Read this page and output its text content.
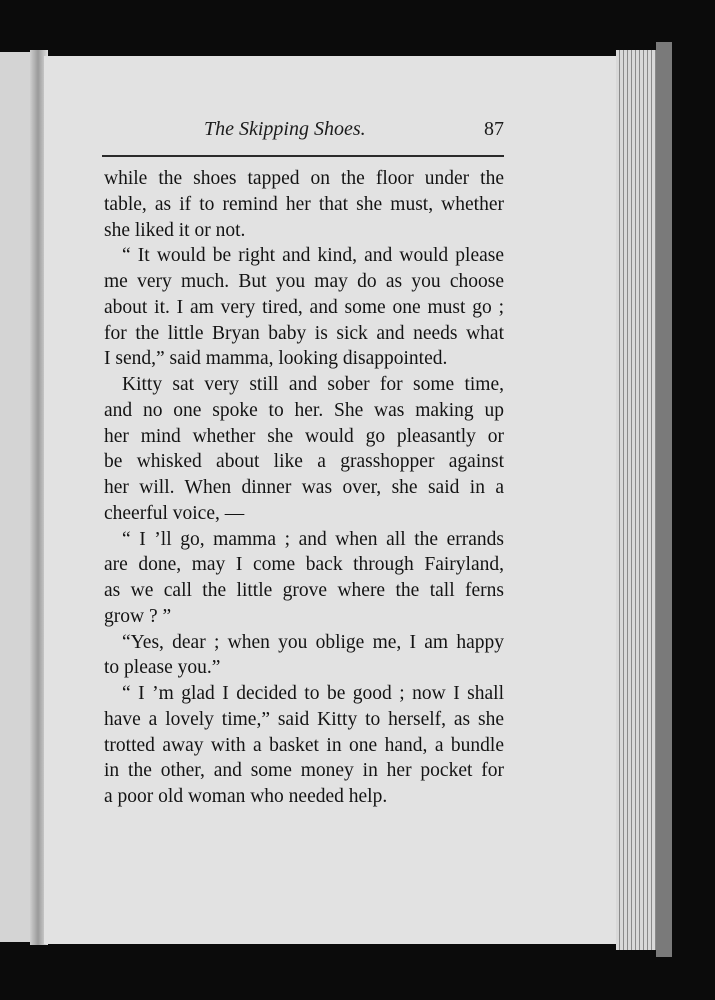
The Skipping Shoes.	87
while the shoes tapped on the floor under the
table, as if to remind her that she must, whether
she liked it or not.
“ It would be right and kind, and would please
me very much. But you may do as you choose
about it. I am very tired, and some one must go ;
for the little Bryan baby is sick and needs what
I send,” said mamma, looking disappointed.
Kitty sat very still and sober for some time,
and no one spoke to her. She was making up
her mind whether she would go pleasantly or
be whisked about like a grasshopper against
her will. When dinner was over, she said in a
cheerful voice, —
“ I ’ll go, mamma ; and when all the errands
are done, may I come back through Fairyland,
as we call the little grove where the tall ferns
grow ? ”
“Yes, dear ; when you oblige me, I am happy
to please you.”
“ I ’m glad I decided to be good ; now I shall
have a lovely time,” said Kitty to herself, as she
trotted away with a basket in one hand, a bundle
in the other, and some money in her pocket for
a poor old woman who needed help.
